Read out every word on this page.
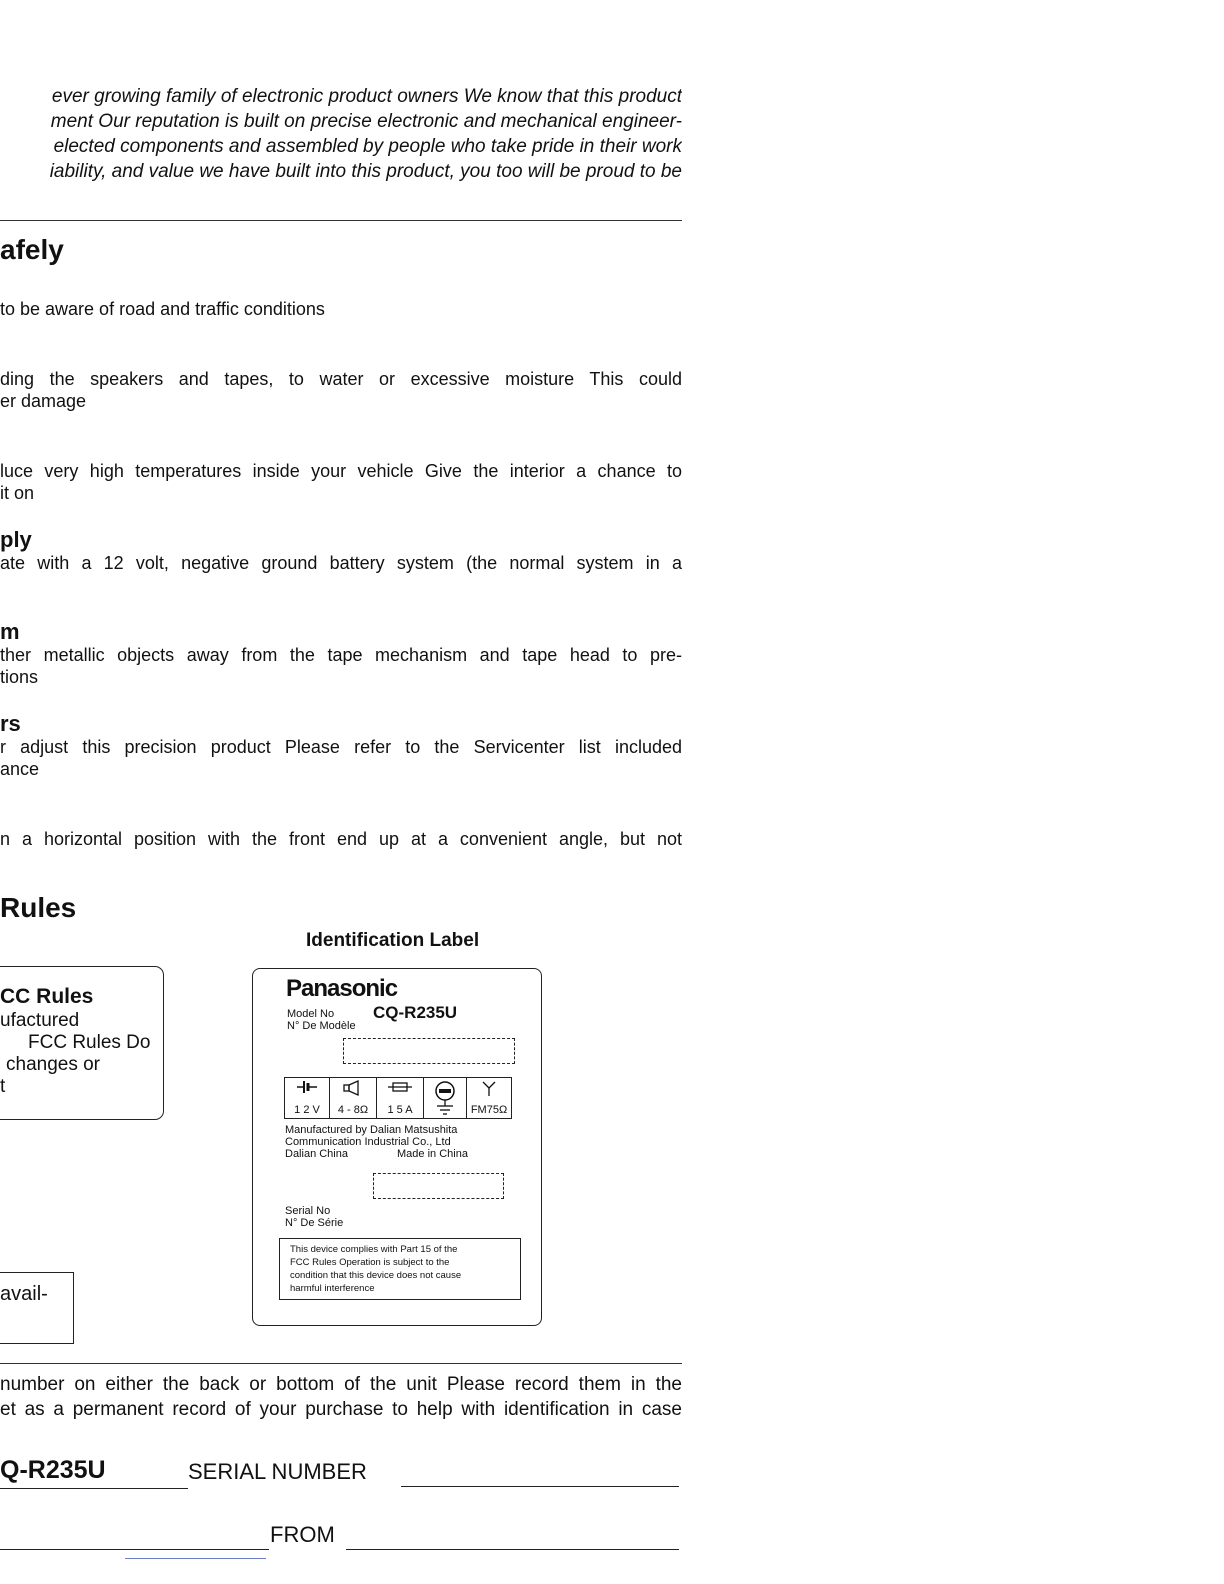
ever growing family of electronic product owners We know that this product
ment Our reputation is built on precise electronic and mechanical engineer-
elected components and assembled by people who take pride in their work
iability, and value we have built into this product, you too will be proud to be
afely
to be aware of road and traffic conditions
ding the speakers and tapes, to water or excessive moisture This could
er damage
luce very high temperatures inside your vehicle Give the interior a chance to
it on
ply
ate with a 12 volt, negative ground battery system (the normal system in a
m
ther metallic objects away from the tape mechanism and tape head to pre-
tions
rs
r adjust this precision product Please refer to the Servicenter list included
ance
n a horizontal position with the front end up at a convenient angle, but not
Rules
CC Rules
ufactured
FCC Rules Do
changes or
t
avail-
Identification Label
Panasonic
Model No
N° De Modèle
CQ-R235U
1 2 V 4 - 8Ω 1 5 A	FM75Ω
Manufactured by Dalian Matsushita
Communication Industrial Co., Ltd
Dalian China	Made in China
Serial No
N° De Série
This device complies with Part 15 of the
FCC Rules Operation is subject to the
condition that this device does not cause
harmful interference
number on either the back or bottom of the unit Please record them in the
et as a permanent record of your purchase to help with identification in case
Q-R235U	SERIAL NUMBER
FROM
